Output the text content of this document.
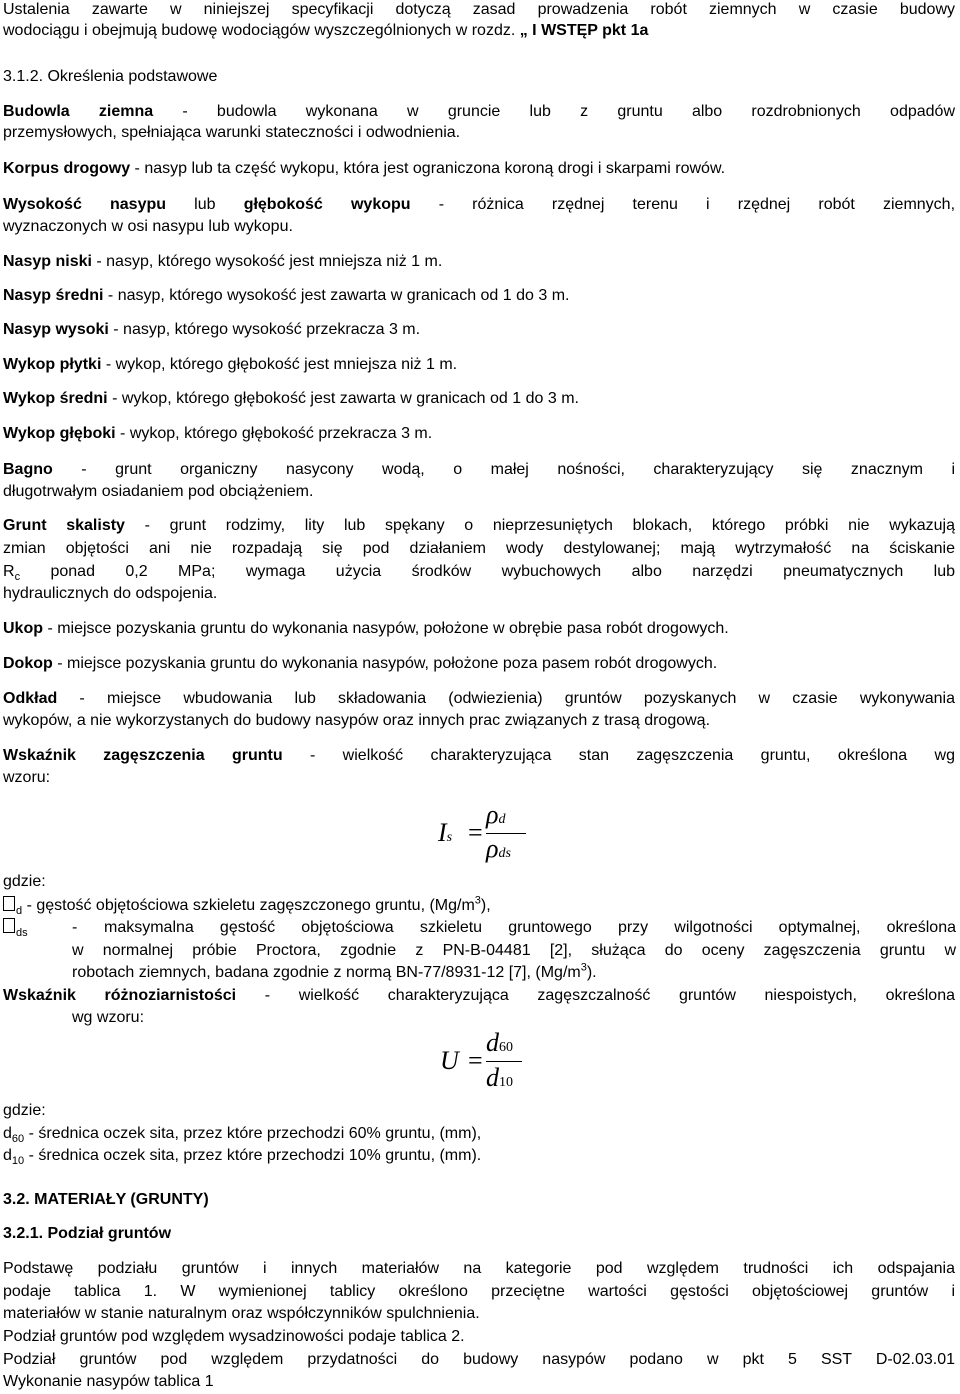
Ustalenia zawarte w niniejszej specyfikacji dotyczą zasad prowadzenia robót ziemnych w czasie budowy
wodociągu i obejmują budowę wodociągów wyszczególnionych w rozdz. „ I WSTĘP pkt 1a
3.1.2. Określenia podstawowe
Budowla ziemna - budowla wykonana w gruncie lub z gruntu albo rozdrobnionych odpadów
przemysłowych, spełniająca warunki stateczności i odwodnienia.
Korpus drogowy - nasyp lub ta część wykopu, która jest ograniczona koroną drogi i skarpami rowów.
Wysokość nasypu lub głębokość wykopu - różnica rzędnej terenu i rzędnej robót ziemnych,
wyznaczonych w osi nasypu lub wykopu.
Nasyp niski - nasyp, którego wysokość jest mniejsza niż 1 m.
Nasyp średni - nasyp, którego wysokość jest zawarta w granicach od 1 do 3 m.
Nasyp wysoki - nasyp, którego wysokość przekracza 3 m.
Wykop płytki - wykop, którego głębokość jest mniejsza niż 1 m.
Wykop średni - wykop, którego głębokość jest zawarta w granicach od 1 do 3 m.
Wykop głęboki - wykop, którego głębokość przekracza 3 m.
Bagno - grunt organiczny nasycony wodą, o małej nośności, charakteryzujący się znacznym i
długotrwałym osiadaniem pod obciążeniem.
Grunt skalisty - grunt rodzimy, lity lub spękany o nieprzesuniętych blokach, którego próbki nie wykazują
zmian objętości ani nie rozpadają się pod działaniem wody destylowanej; mają wytrzymałość na ściskanie
$R_c$ ponad 0,2 MPa; wymaga użycia środków wybuchowych albo narzędzi pneumatycznych lub
hydraulicznych do odspojenia.
Ukop - miejsce pozyskania gruntu do wykonania nasypów, położone w obrębie pasa robót drogowych.
Dokop - miejsce pozyskania gruntu do wykonania nasypów, położone poza pasem robót drogowych.
Odkład - miejsce wbudowania lub składowania (odwiezienia) gruntów pozyskanych w czasie wykonywania
wykopów, a nie wykorzystanych do budowy nasypów oraz innych prac związanych z trasą drogową.
Wskaźnik zagęszczenia gruntu - wielkość charakteryzująca stan zagęszczenia gruntu, określona wg
wzoru:
Is =
ρd
ρds
gdzie:
$_d$ - gęstość objętościowa szkieletu zagęszczonego gruntu, $(Mg/m^3)$,
$_{ds}$	- maksymalna gęstość objętościowa szkieletu gruntowego przy wilgotności optymalnej, określona
w normalnej próbie Proctora, zgodnie z PN-B-04481 [2], służąca do oceny zagęszczenia gruntu w
robotach ziemnych, badana zgodnie z normą BN-77/8931-12 [7], $(Mg/m^3)$.
Wskaźnik różnoziarnistości - wielkość charakteryzująca zagęszczalność gruntów niespoistych, określona
wg wzoru:
U =
d60
d10
gdzie:
$d_{60}$ - średnica oczek sita, przez które przechodzi 60% gruntu, (mm),
$d_{10}$ - średnica oczek sita, przez które przechodzi 10% gruntu, (mm).
3.2. MATERIAŁY (GRUNTY)
3.2.1. Podział gruntów
Podstawę podziału gruntów i innych materiałów na kategorie pod względem trudności ich odspajania
podaje tablica 1. W wymienionej tablicy określono przeciętne wartości gęstości objętościowej gruntów i
materiałów w stanie naturalnym oraz współczynników spulchnienia.
Podział gruntów pod względem wysadzinowości podaje tablica 2.
Podział gruntów pod względem przydatności do budowy nasypów podano w pkt 5 SST D-02.03.01
Wykonanie nasypów tablica 1
